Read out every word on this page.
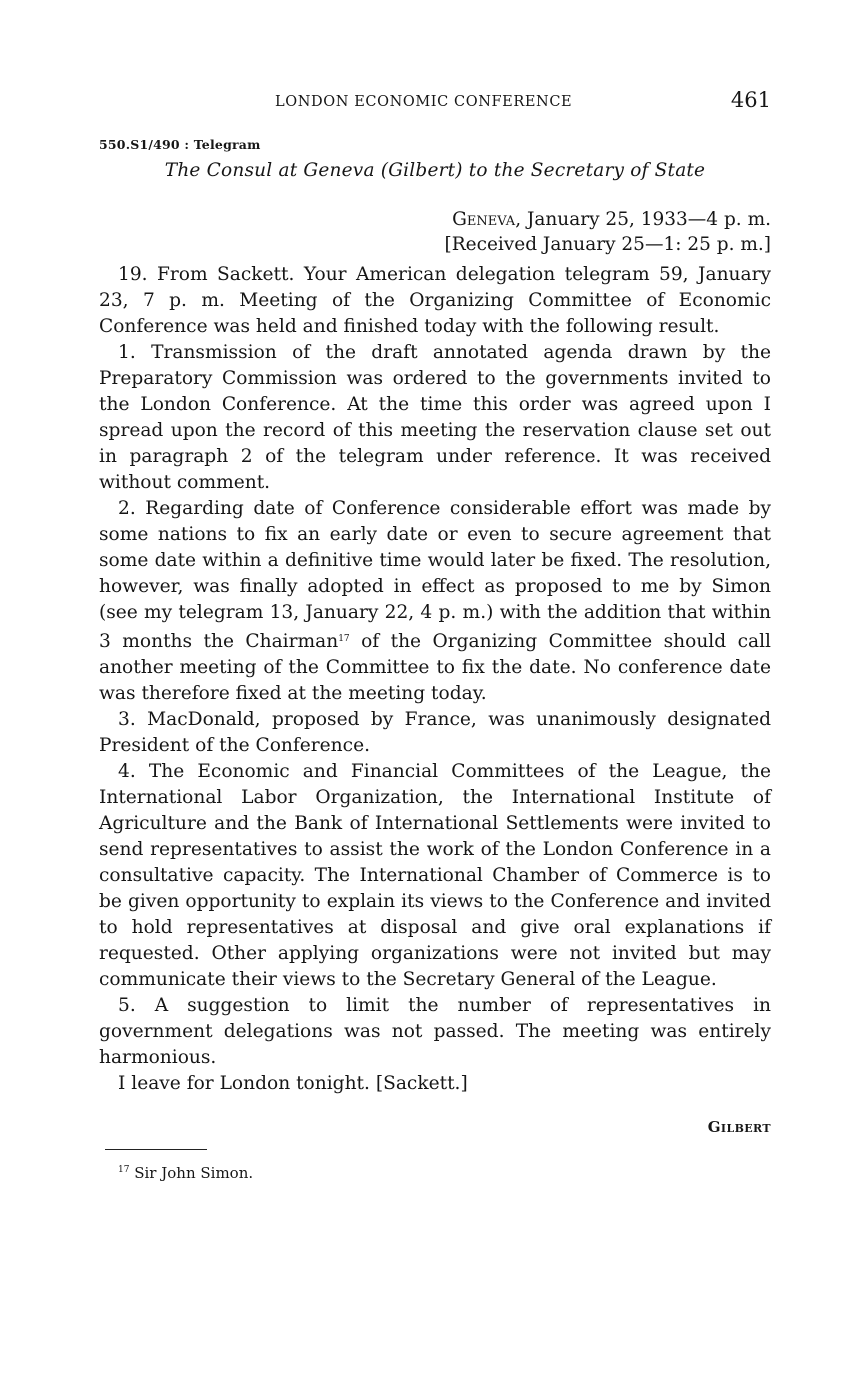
LONDON ECONOMIC CONFERENCE	461
550.S1/490 : Telegram
The Consul at Geneva (Gilbert) to the Secretary of State
Geneva, January 25, 1933—4 p. m.
[Received January 25—1: 25 p. m.]

19. From Sackett. Your American delegation telegram 59, January 23, 7 p. m. Meeting of the Organizing Committee of Economic Conference was held and finished today with the following result.

1. Transmission of the draft annotated agenda drawn by the Preparatory Commission was ordered to the governments invited to the London Conference. At the time this order was agreed upon I spread upon the record of this meeting the reservation clause set out in paragraph 2 of the telegram under reference. It was received without comment.

2. Regarding date of Conference considerable effort was made by some nations to fix an early date or even to secure agreement that some date within a definitive time would later be fixed. The resolution, however, was finally adopted in effect as proposed to me by Simon (see my telegram 13, January 22, 4 p. m.) with the addition that within 3 months the Chairman$^{17}$ of the Organizing Committee should call another meeting of the Committee to fix the date. No conference date was therefore fixed at the meeting today.

3. MacDonald, proposed by France, was unanimously designated President of the Conference.

4. The Economic and Financial Committees of the League, the International Labor Organization, the International Institute of Agriculture and the Bank of International Settlements were invited to send representatives to assist the work of the London Conference in a consultative capacity. The International Chamber of Commerce is to be given opportunity to explain its views to the Conference and invited to hold representatives at disposal and give oral explanations if requested. Other applying organizations were not invited but may communicate their views to the Secretary General of the League.

5. A suggestion to limit the number of representatives in government delegations was not passed. The meeting was entirely harmonious.

I leave for London tonight. [Sackett.]

Gilbert
$^{17}$ Sir John Simon.
